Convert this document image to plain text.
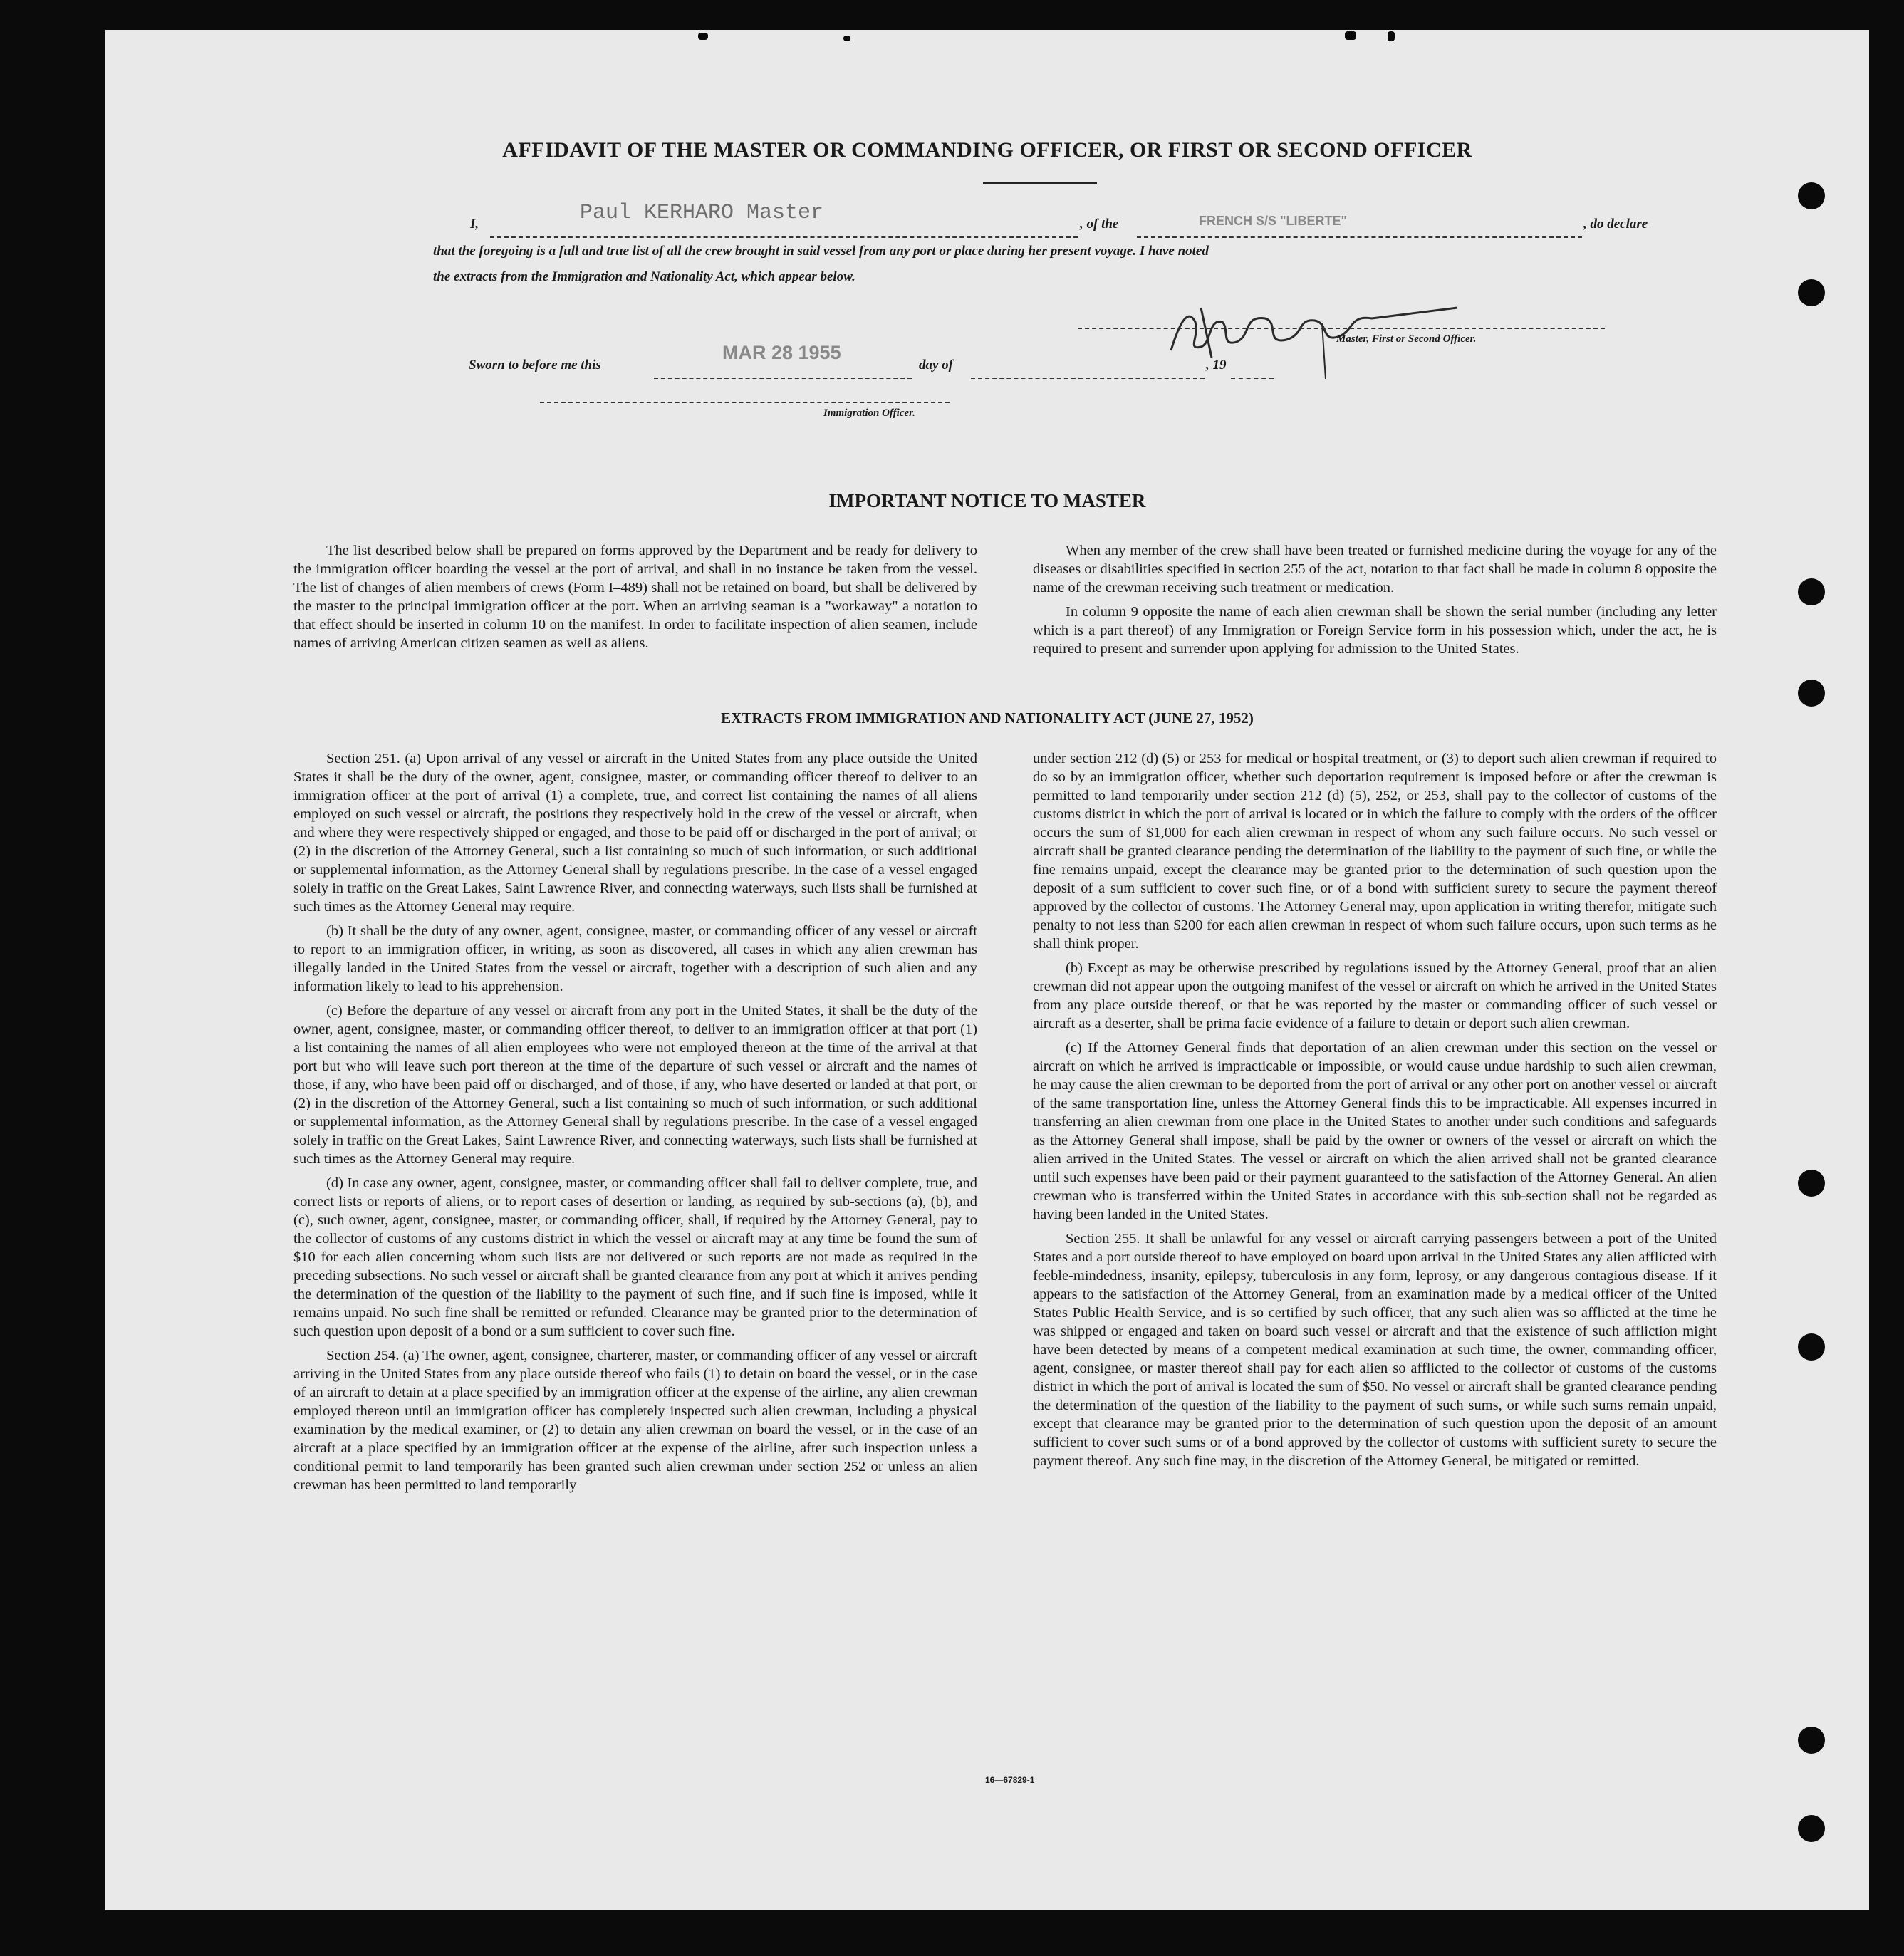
AFFIDAVIT OF THE MASTER OR COMMANDING OFFICER, OR FIRST OR SECOND OFFICER
I,	Paul KERHARO Master	, of the	FRENCH S/S "LIBERTE"	, do declare
that the foregoing is a full and true list of all the crew brought in said vessel from any port or place during her present voyage. I have noted
the extracts from the Immigration and Nationality Act, which appear below.
Master, First or Second Officer.
Sworn to before me this
MAR 28 1955
day of	, 19
Immigration Officer.
IMPORTANT NOTICE TO MASTER

The list described below shall be prepared on forms approved by the Department and be ready for delivery to the immigration officer boarding the vessel at the port of arrival, and shall in no instance be taken from the vessel. The list of changes of alien members of crews (Form I–489) shall not be retained on board, but shall be delivered by the master to the principal immigration officer at the port. When an arriving seaman is a "workaway" a notation to that effect should be inserted in column 10 on the manifest. In order to facilitate inspection of alien seamen, include names of arriving American citizen seamen as well as aliens.

When any member of the crew shall have been treated or furnished medicine during the voyage for any of the diseases or disabilities specified in section 255 of the act, notation to that fact shall be made in column 8 opposite the name of the crewman receiving such treatment or medication.

In column 9 opposite the name of each alien crewman shall be shown the serial number (including any letter which is a part thereof) of any Immigration or Foreign Service form in his possession which, under the act, he is required to present and surrender upon applying for admission to the United States.

EXTRACTS FROM IMMIGRATION AND NATIONALITY ACT (JUNE 27, 1952)

Section 251. (a) Upon arrival of any vessel or aircraft in the United States from any place outside the United States it shall be the duty of the owner, agent, consignee, master, or commanding officer thereof to deliver to an immigration officer at the port of arrival (1) a complete, true, and correct list containing the names of all aliens employed on such vessel or aircraft, the positions they respectively hold in the crew of the vessel or aircraft, when and where they were respectively shipped or engaged, and those to be paid off or discharged in the port of arrival; or (2) in the discretion of the Attorney General, such a list containing so much of such information, or such additional or supplemental information, as the Attorney General shall by regulations prescribe. In the case of a vessel engaged solely in traffic on the Great Lakes, Saint Lawrence River, and connecting waterways, such lists shall be furnished at such times as the Attorney General may require.

(b) It shall be the duty of any owner, agent, consignee, master, or commanding officer of any vessel or aircraft to report to an immigration officer, in writing, as soon as discovered, all cases in which any alien crewman has illegally landed in the United States from the vessel or aircraft, together with a description of such alien and any information likely to lead to his apprehension.

(c) Before the departure of any vessel or aircraft from any port in the United States, it shall be the duty of the owner, agent, consignee, master, or commanding officer thereof, to deliver to an immigration officer at that port (1) a list containing the names of all alien employees who were not employed thereon at the time of the arrival at that port but who will leave such port thereon at the time of the departure of such vessel or aircraft and the names of those, if any, who have been paid off or discharged, and of those, if any, who have deserted or landed at that port, or (2) in the discretion of the Attorney General, such a list containing so much of such information, or such additional or supplemental information, as the Attorney General shall by regulations prescribe. In the case of a vessel engaged solely in traffic on the Great Lakes, Saint Lawrence River, and connecting waterways, such lists shall be furnished at such times as the Attorney General may require.

(d) In case any owner, agent, consignee, master, or commanding officer shall fail to deliver complete, true, and correct lists or reports of aliens, or to report cases of desertion or landing, as required by sub-sections (a), (b), and (c), such owner, agent, consignee, master, or commanding officer, shall, if required by the Attorney General, pay to the collector of customs of any customs district in which the vessel or aircraft may at any time be found the sum of $10 for each alien concerning whom such lists are not delivered or such reports are not made as required in the preceding subsections. No such vessel or aircraft shall be granted clearance from any port at which it arrives pending the determination of the question of the liability to the payment of such fine, and if such fine is imposed, while it remains unpaid. No such fine shall be remitted or refunded. Clearance may be granted prior to the determination of such question upon deposit of a bond or a sum sufficient to cover such fine.

Section 254. (a) The owner, agent, consignee, charterer, master, or commanding officer of any vessel or aircraft arriving in the United States from any place outside thereof who fails (1) to detain on board the vessel, or in the case of an aircraft to detain at a place specified by an immigration officer at the expense of the airline, any alien crewman employed thereon until an immigration officer has completely inspected such alien crewman, including a physical examination by the medical examiner, or (2) to detain any alien crewman on board the vessel, or in the case of an aircraft at a place specified by an immigration officer at the expense of the airline, after such inspection unless a conditional permit to land temporarily has been granted such alien crewman under section 252 or unless an alien crewman has been permitted to land temporarily

under section 212 (d) (5) or 253 for medical or hospital treatment, or (3) to deport such alien crewman if required to do so by an immigration officer, whether such deportation requirement is imposed before or after the crewman is permitted to land temporarily under section 212 (d) (5), 252, or 253, shall pay to the collector of customs of the customs district in which the port of arrival is located or in which the failure to comply with the orders of the officer occurs the sum of $1,000 for each alien crewman in respect of whom any such failure occurs. No such vessel or aircraft shall be granted clearance pending the determination of the liability to the payment of such fine, or while the fine remains unpaid, except the clearance may be granted prior to the determination of such question upon the deposit of a sum sufficient to cover such fine, or of a bond with sufficient surety to secure the payment thereof approved by the collector of customs. The Attorney General may, upon application in writing therefor, mitigate such penalty to not less than $200 for each alien crewman in respect of whom such failure occurs, upon such terms as he shall think proper.

(b) Except as may be otherwise prescribed by regulations issued by the Attorney General, proof that an alien crewman did not appear upon the outgoing manifest of the vessel or aircraft on which he arrived in the United States from any place outside thereof, or that he was reported by the master or commanding officer of such vessel or aircraft as a deserter, shall be prima facie evidence of a failure to detain or deport such alien crewman.

(c) If the Attorney General finds that deportation of an alien crewman under this section on the vessel or aircraft on which he arrived is impracticable or impossible, or would cause undue hardship to such alien crewman, he may cause the alien crewman to be deported from the port of arrival or any other port on another vessel or aircraft of the same transportation line, unless the Attorney General finds this to be impracticable. All expenses incurred in transferring an alien crewman from one place in the United States to another under such conditions and safeguards as the Attorney General shall impose, shall be paid by the owner or owners of the vessel or aircraft on which the alien arrived in the United States. The vessel or aircraft on which the alien arrived shall not be granted clearance until such expenses have been paid or their payment guaranteed to the satisfaction of the Attorney General. An alien crewman who is transferred within the United States in accordance with this sub-section shall not be regarded as having been landed in the United States.

Section 255. It shall be unlawful for any vessel or aircraft carrying passengers between a port of the United States and a port outside thereof to have employed on board upon arrival in the United States any alien afflicted with feeble-mindedness, insanity, epilepsy, tuberculosis in any form, leprosy, or any dangerous contagious disease. If it appears to the satisfaction of the Attorney General, from an examination made by a medical officer of the United States Public Health Service, and is so certified by such officer, that any such alien was so afflicted at the time he was shipped or engaged and taken on board such vessel or aircraft and that the existence of such affliction might have been detected by means of a competent medical examination at such time, the owner, commanding officer, agent, consignee, or master thereof shall pay for each alien so afflicted to the collector of customs of the customs district in which the port of arrival is located the sum of $50. No vessel or aircraft shall be granted clearance pending the determination of the question of the liability to the payment of such sums, or while such sums remain unpaid, except that clearance may be granted prior to the determination of such question upon the deposit of an amount sufficient to cover such sums or of a bond approved by the collector of customs with sufficient surety to secure the payment thereof. Any such fine may, in the discretion of the Attorney General, be mitigated or remitted.

16—67829-1
